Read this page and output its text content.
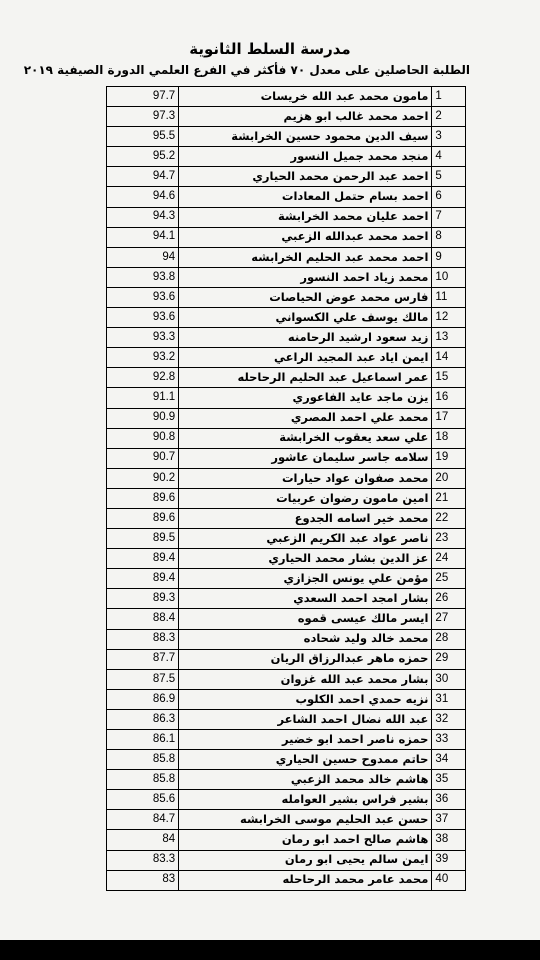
مدرسة السلط الثانوية
الطلبة الحاصلين على معدل ٧٠ فأكثر في الفرع العلمي الدورة الصيفية ٢٠١٩
97.7	مامون محمد عبد الله خريسات	1
97.3	احمد محمد غالب ابو هزيم	2
95.5	سيف الدين محمود حسين الخرابشة	3
95.2	منجد محمد جميل النسور	4
94.7	احمد عبد الرحمن محمد الحياري	5
94.6	احمد بسام حتمل المعادات	6
94.3	احمد عليان محمد الخرابشة	7
94.1	احمد محمد عبدالله الزعبي	8
94	احمد محمد عبد الحليم الخرابشه	9
93.8	محمد زياد احمد النسور	10
93.6	فارس محمد عوض الحياصات	11
93.6	مالك يوسف علي الكسواني	12
93.3	زيد سعود ارشيد الرحامنه	13
93.2	ايمن اياد عبد المجيد الراعي	14
92.8	عمر اسماعيل عبد الحليم الرحاحله	15
91.1	يزن ماجد عايد الفاعوري	16
90.9	محمد علي احمد المصري	17
90.8	علي سعد يعقوب الخرابشة	18
90.7	سلامه جاسر سليمان عاشور	19
90.2	محمد صفوان عواد حيارات	20
89.6	امين مامون رضوان عربيات	21
89.6	محمد خير اسامه الجدوع	22
89.5	ناصر عواد عبد الكريم الزعبي	23
89.4	عز الدين بشار محمد الحياري	24
89.4	مؤمن علي يونس الجزازي	25
89.3	بشار امجد احمد السعدي	26
88.4	ايسر مالك عيسى قموه	27
88.3	محمد خالد وليد شحاده	28
87.7	حمزه ماهر عبدالرزاق الريان	29
87.5	بشار محمد عبد الله غزوان	30
86.9	نزيه حمدي احمد الكلوب	31
86.3	عبد الله نضال احمد الشاعر	32
86.1	حمزه ناصر احمد ابو خضير	33
85.8	حاتم ممدوح حسين الحياري	34
85.8	هاشم خالد محمد الزعبي	35
85.6	بشير فراس بشير العوامله	36
84.7	حسن عبد الحليم موسى الخرابشه	37
84	هاشم صالح احمد ابو رمان	38
83.3	ايمن سالم يحيى ابو رمان	39
83	محمد عامر محمد الرحاحله	40
